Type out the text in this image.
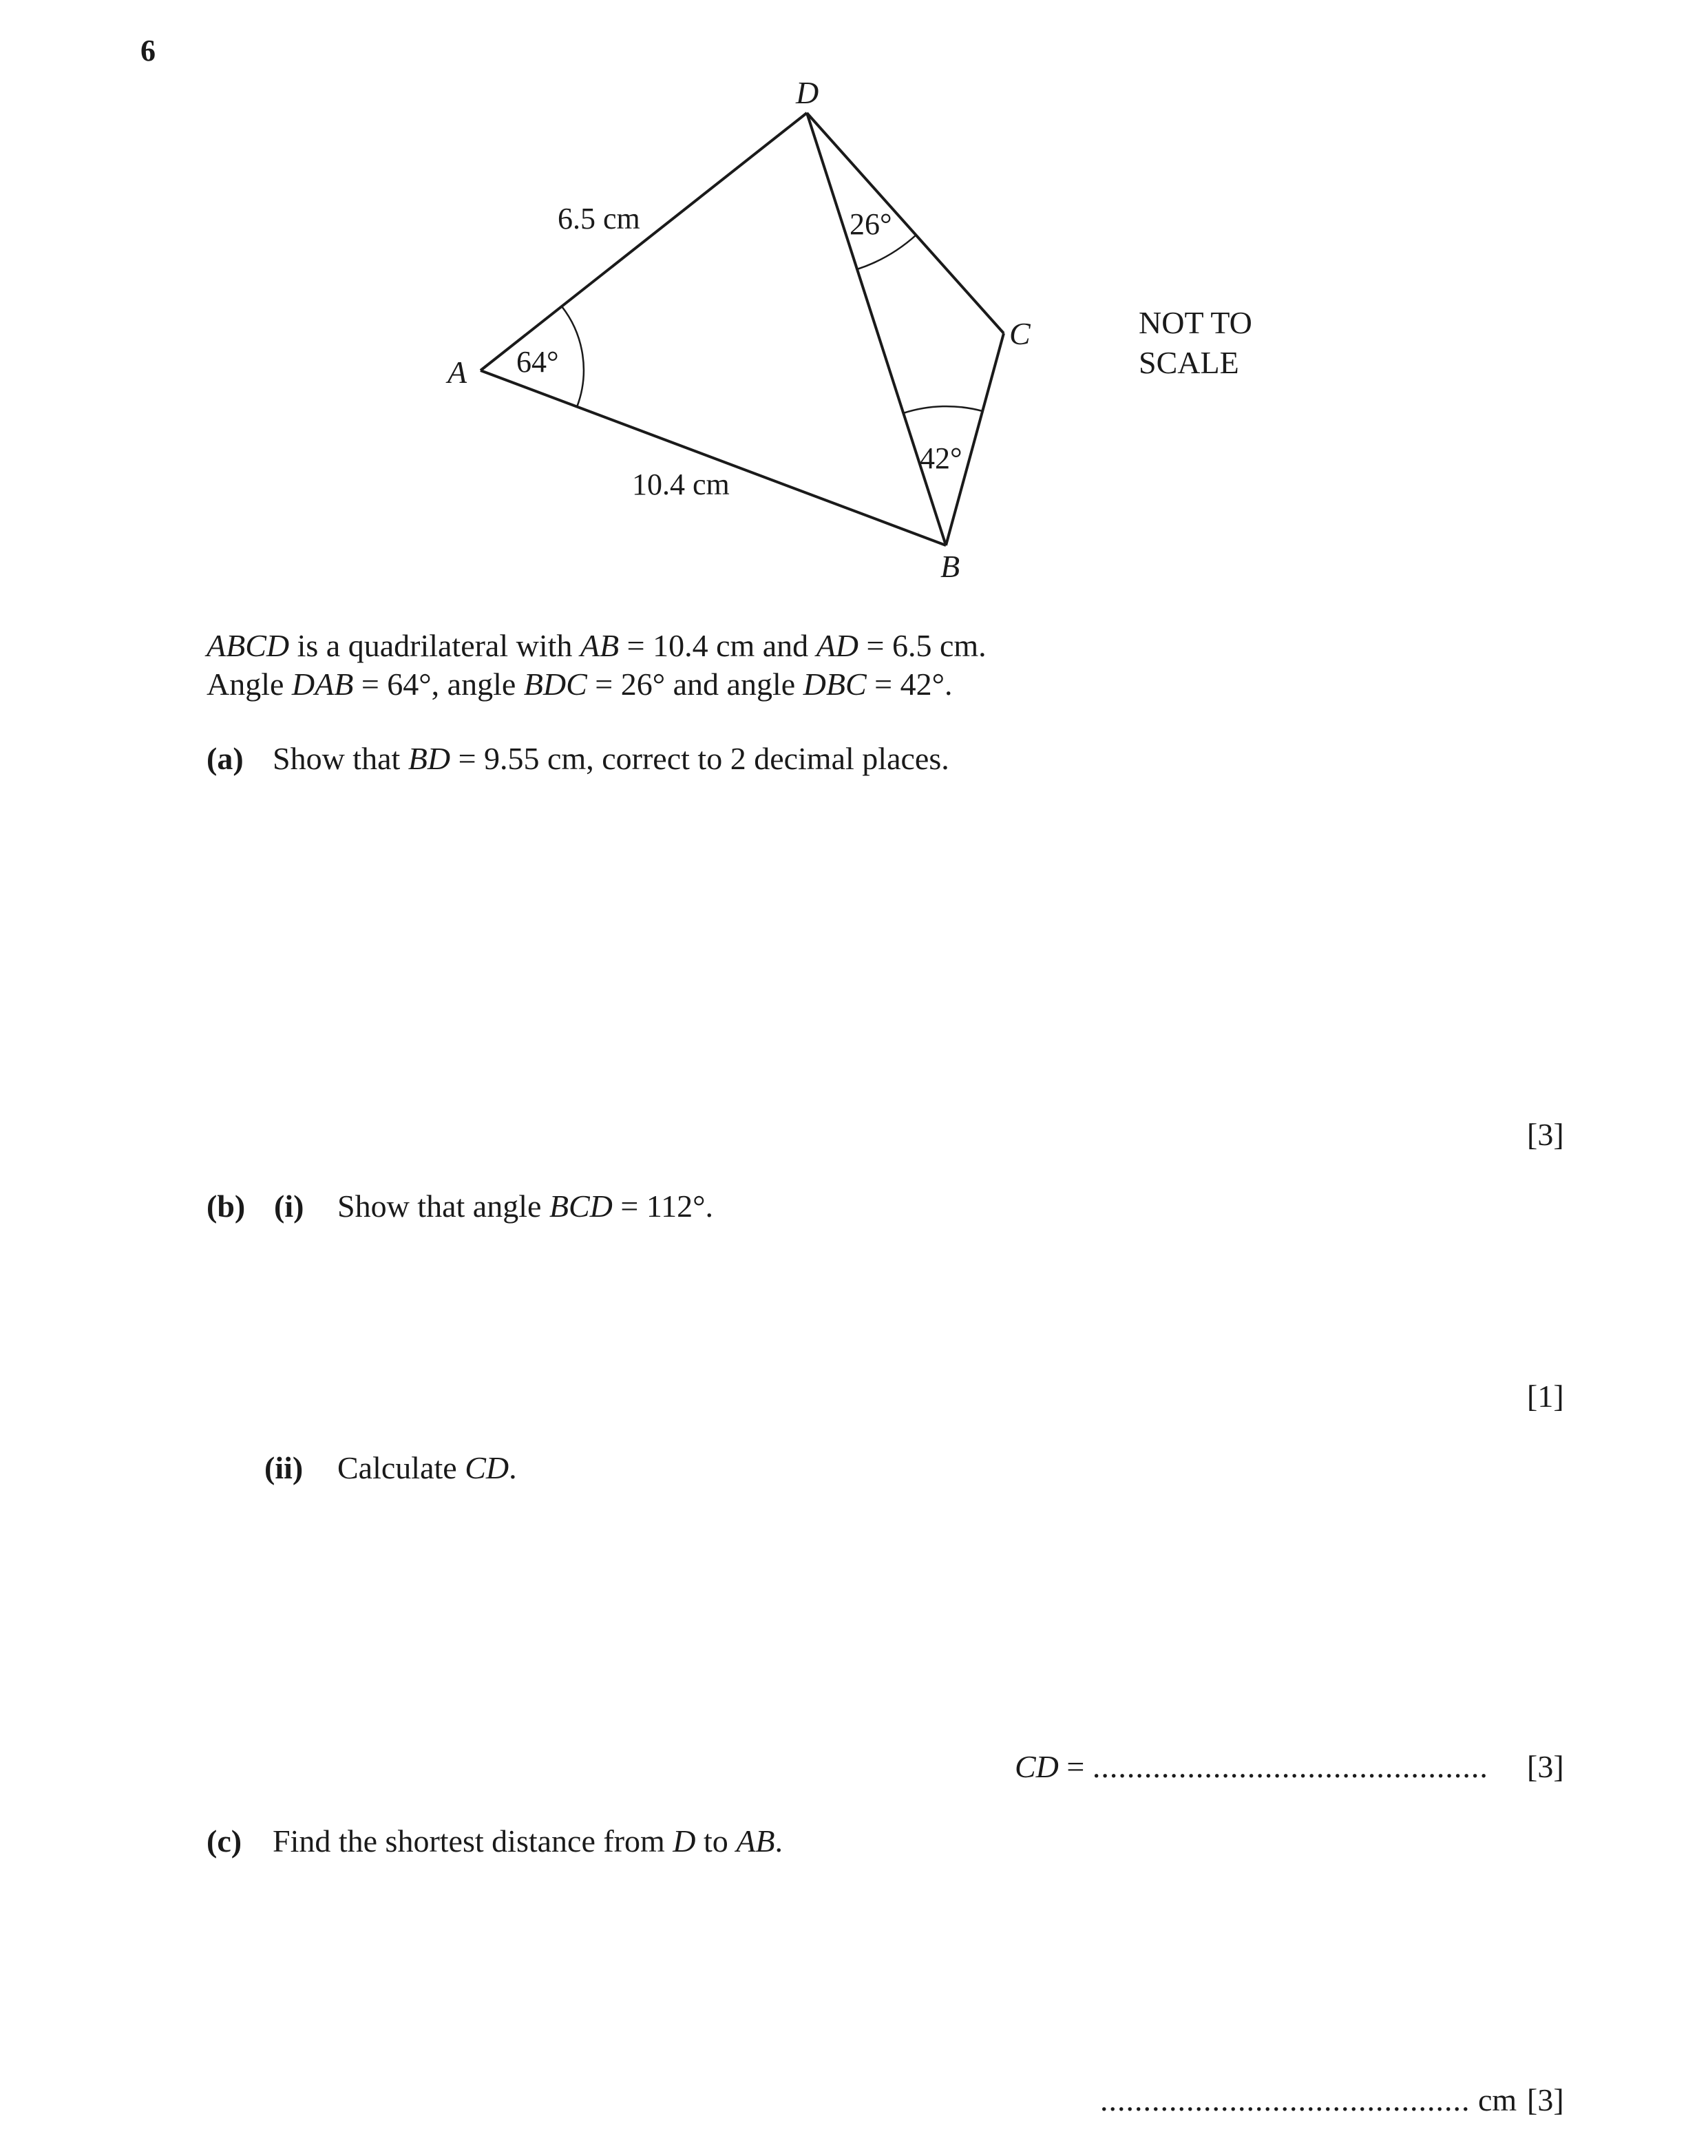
6
D
A
C
B
6.5 cm
10.4 cm
64°
26°
42°
NOT TO
SCALE
ABCD is a quadrilateral with AB = 10.4 cm and AD = 6.5 cm.
Angle DAB = 64°, angle BDC = 26° and angle DBC = 42°.
(a) Show that BD = 9.55 cm, correct to 2 decimal places.
[3]
(b) (i) Show that angle BCD = 112°.
[1]
(ii) Calculate CD.
CD = .............................................. [3]
(c) Find the shortest distance from D to AB.
........................................... cm [3]
